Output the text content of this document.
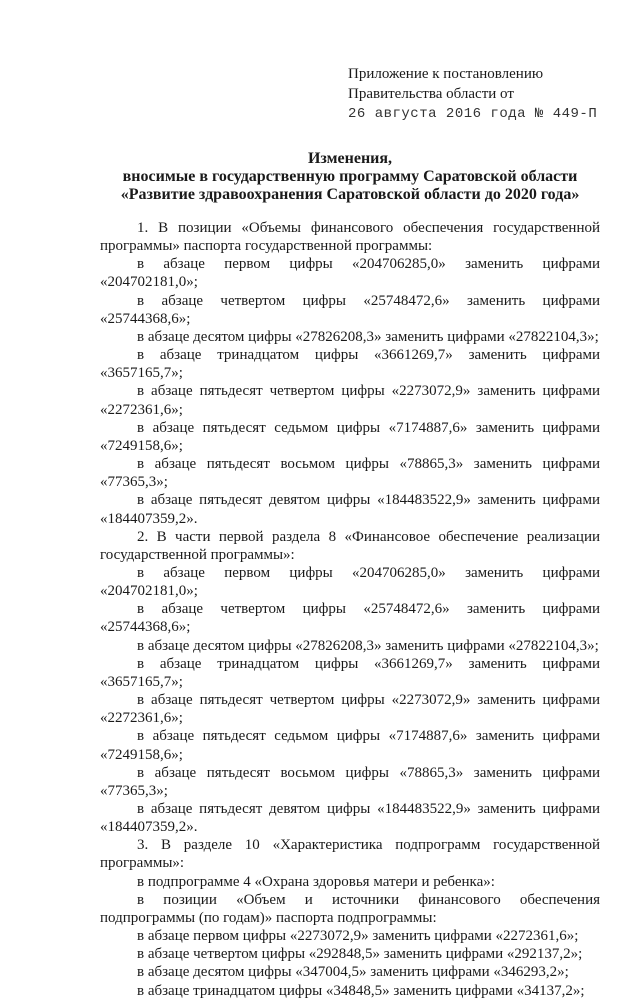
Приложение к постановлению
Правительства области от
26 августа 2016 года № 449-П
Изменения,
вносимые в государственную программу Саратовской области
«Развитие здравоохранения Саратовской области до 2020 года»

1. В позиции «Объемы финансового обеспечения государственной программы» паспорта государственной программы:

в абзаце первом цифры «204706285,0» заменить цифрами «204702181,0»;

в абзаце четвертом цифры «25748472,6» заменить цифрами «25744368,6»;

в абзаце десятом цифры «27826208,3» заменить цифрами «27822104,3»;

в абзаце тринадцатом цифры «3661269,7» заменить цифрами «3657165,7»;

в абзаце пятьдесят четвертом цифры «2273072,9» заменить цифрами «2272361,6»;

в абзаце пятьдесят седьмом цифры «7174887,6» заменить цифрами «7249158,6»;

в абзаце пятьдесят восьмом цифры «78865,3» заменить цифрами «77365,3»;

в абзаце пятьдесят девятом цифры «184483522,9» заменить цифрами «184407359,2».

2. В части первой раздела 8 «Финансовое обеспечение реализации государственной программы»:

в абзаце первом цифры «204706285,0» заменить цифрами «204702181,0»;

в абзаце четвертом цифры «25748472,6» заменить цифрами «25744368,6»;

в абзаце десятом цифры «27826208,3» заменить цифрами «27822104,3»;

в абзаце тринадцатом цифры «3661269,7» заменить цифрами «3657165,7»;

в абзаце пятьдесят четвертом цифры «2273072,9» заменить цифрами «2272361,6»;

в абзаце пятьдесят седьмом цифры «7174887,6» заменить цифрами «7249158,6»;

в абзаце пятьдесят восьмом цифры «78865,3» заменить цифрами «77365,3»;

в абзаце пятьдесят девятом цифры «184483522,9» заменить цифрами «184407359,2».

3. В разделе 10 «Характеристика подпрограмм государственной программы»:

в подпрограмме 4 «Охрана здоровья матери и ребенка»:

в позиции «Объем и источники финансового обеспечения подпрограммы (по годам)» паспорта подпрограммы:

в абзаце первом цифры «2273072,9» заменить цифрами «2272361,6»;

в абзаце четвертом цифры «292848,5» заменить цифрами «292137,2»;

в абзаце десятом цифры «347004,5» заменить цифрами «346293,2»;

в абзаце тринадцатом цифры «34848,5» заменить цифрами «34137,2»;
